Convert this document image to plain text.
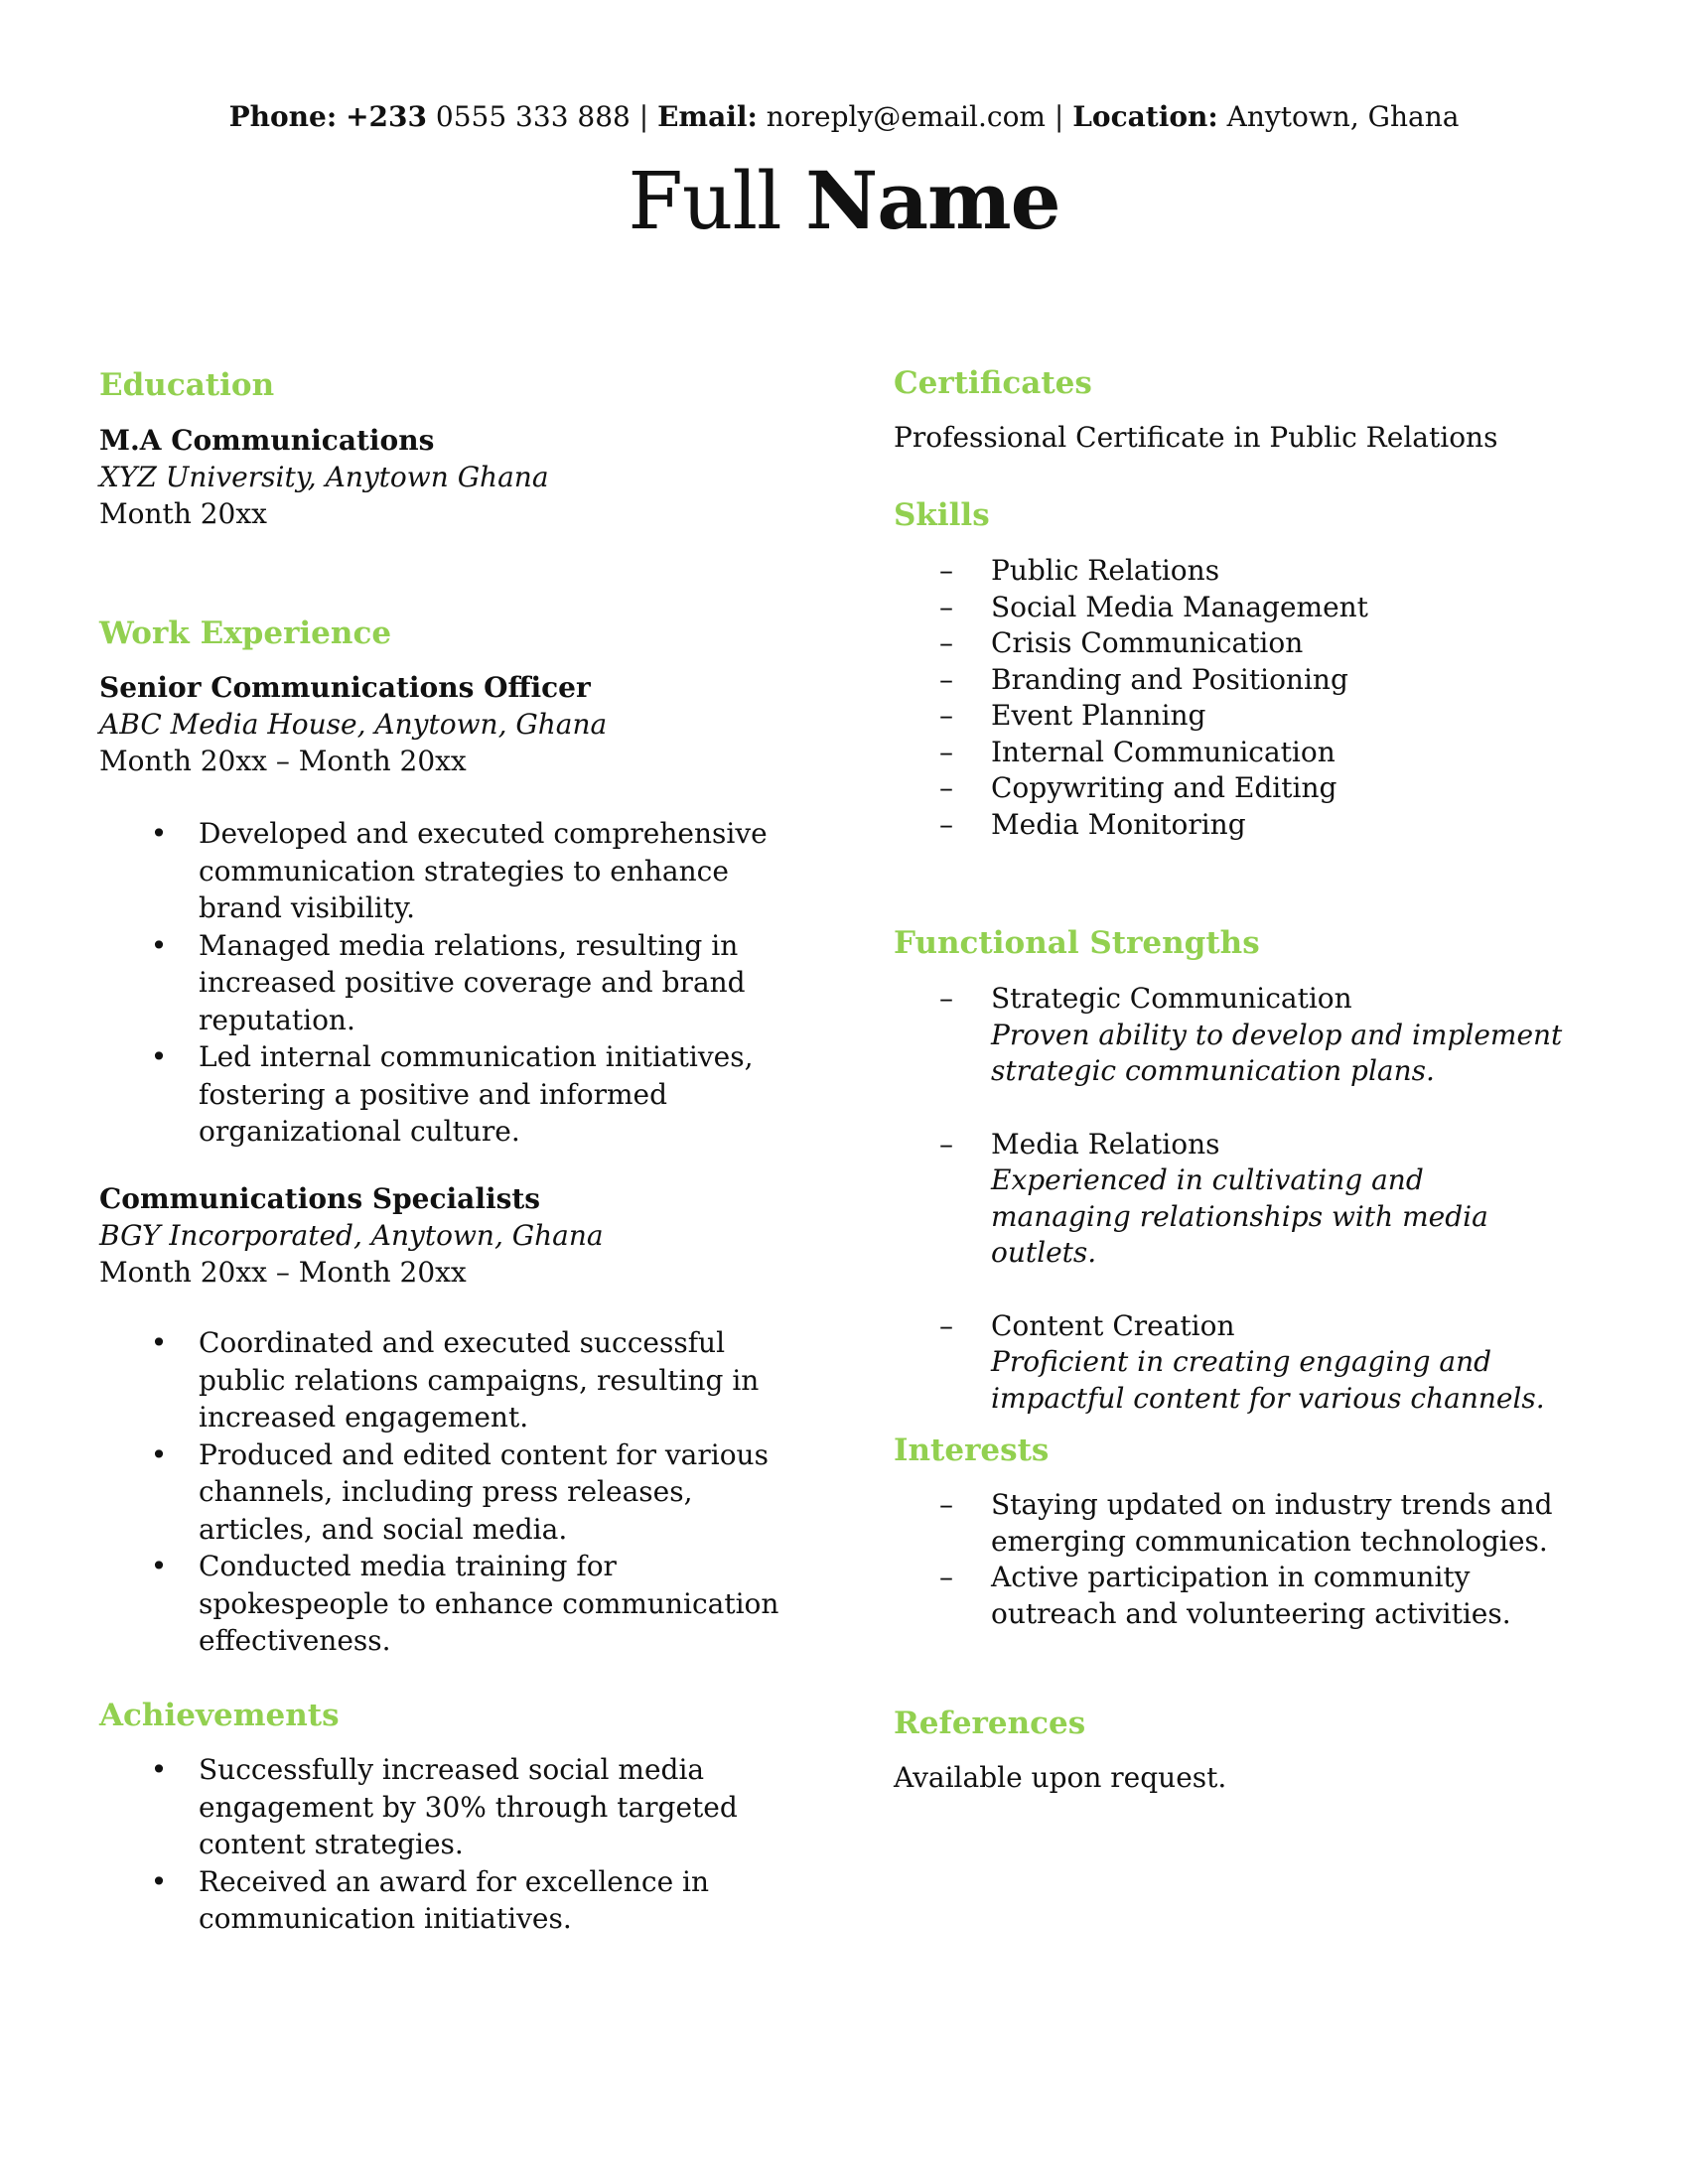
Phone: +233 0555 333 888 | Email: noreply@email.com | Location: Anytown, Ghana
Full Name
Education
M.A Communications
XYZ University, Anytown Ghana
Month 20xx
Work Experience
Senior Communications Officer
ABC Media House, Anytown, Ghana
Month 20xx – Month 20xx
• Developed and executed comprehensive communication strategies to enhance brand visibility.
• Managed media relations, resulting in increased positive coverage and brand reputation.
• Led internal communication initiatives, fostering a positive and informed organizational culture.
Communications Specialists
BGY Incorporated, Anytown, Ghana
Month 20xx – Month 20xx
• Coordinated and executed successful public relations campaigns, resulting in increased engagement.
• Produced and edited content for various channels, including press releases, articles, and social media.
• Conducted media training for spokespeople to enhance communication effectiveness.
Achievements
• Successfully increased social media engagement by 30% through targeted content strategies.
• Received an award for excellence in communication initiatives.
Certificates
Professional Certificate in Public Relations
Skills
– Public Relations
– Social Media Management
– Crisis Communication
– Branding and Positioning
– Event Planning
– Internal Communication
– Copywriting and Editing
– Media Monitoring
Functional Strengths
– Strategic Communication
Proven ability to develop and implement strategic communication plans.
– Media Relations
Experienced in cultivating and managing relationships with media outlets.
– Content Creation
Proficient in creating engaging and impactful content for various channels.
Interests
– Staying updated on industry trends and emerging communication technologies.
– Active participation in community outreach and volunteering activities.
References
Available upon request.
